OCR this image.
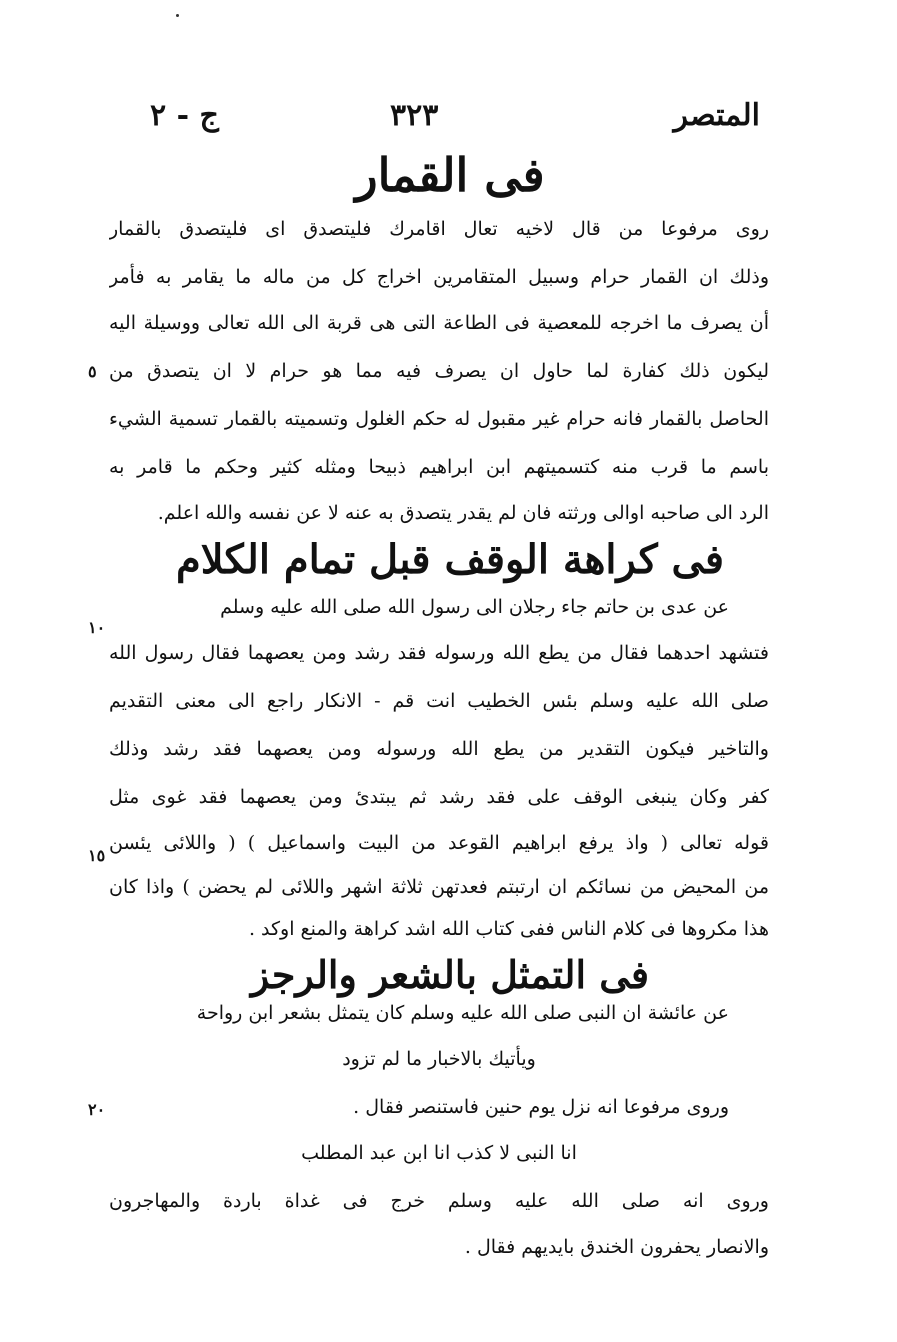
المتصر
٣٢٣
ج - ٢
فى القمار
روى مرفوعا من قال لاخيه تعال اقامرك فليتصدق اى فليتصدق بالقمار
وذلك ان القمار حرام وسبيل المتقامرين اخراج كل من ماله ما يقامر به فأمر
أن يصرف ما اخرجه للمعصية فى الطاعة التى هى قربة الى الله تعالى ووسيلة اليه
ليكون ذلك كفارة لما حاول ان يصرف فيه مما هو حرام لا ان يتصدق من
الحاصل بالقمار فانه حرام غير مقبول له حكم الغلول وتسميته بالقمار تسمية الشيء
باسم ما قرب منه كتسميتهم ابن ابراهيم ذبيحا ومثله كثير وحكم ما قامر به
الرد الى صاحبه اوالى ورثته فان لم يقدر يتصدق به عنه لا عن نفسه والله اعلم.
فى كراهة الوقف قبل تمام الكلام
عن عدى بن حاتم جاء رجلان الى رسول الله صلى الله عليه وسلم
فتشهد احدهما فقال من يطع الله ورسوله فقد رشد ومن يعصهما فقال رسول الله
صلى الله عليه وسلم بئس الخطيب انت قم - الانكار راجع الى معنى التقديم
والتاخير فيكون التقدير من يطع الله ورسوله ومن يعصهما فقد رشد وذلك
كفر وكان ينبغى الوقف على فقد رشد ثم يبتدئ ومن يعصهما فقد غوى مثل
قوله تعالى ( واذ يرفع ابراهيم القوعد من البيت واسماعيل ) ( واللائى يئسن
من المحيض من نسائكم ان ارتبتم فعدتهن ثلاثة اشهر واللائى لم يحضن ) واذا كان
هذا مكروها فى كلام الناس ففى كتاب الله اشد كراهة والمنع اوكد .
فى التمثل بالشعر والرجز
عن عائشة ان النبى صلى الله عليه وسلم كان يتمثل بشعر ابن رواحة
ويأتيك بالاخبار ما لم تزود
وروى مرفوعا انه نزل يوم حنين فاستنصر فقال .
انا النبى لا كذب انا ابن عبد المطلب
وروى انه صلى الله عليه وسلم خرج فى غداة باردة والمهاجرون
والانصار يحفرون الخندق بايديهم فقال .
٥
١٠
١٥
٢٠
